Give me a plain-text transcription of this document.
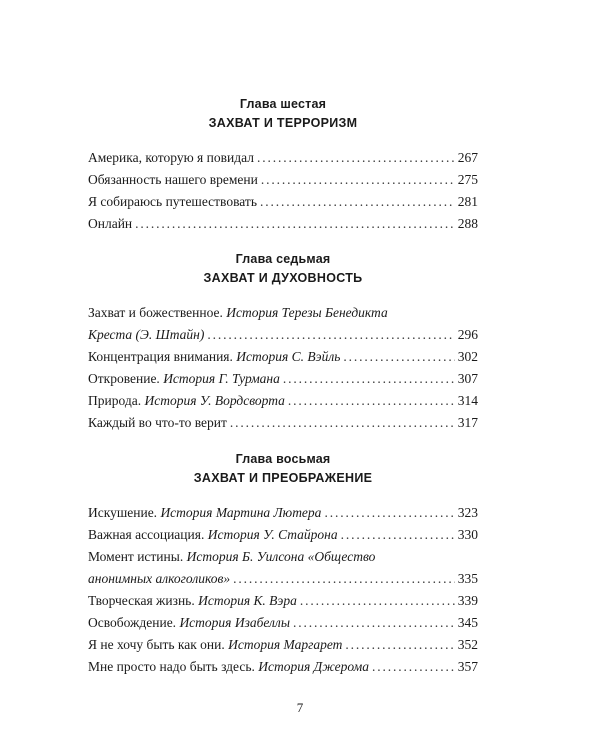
Глава шестая
ЗАХВАТ И ТЕРРОРИЗМ
Америка, которую я повидал . . .	267
Обязанность нашего времени . . .	275
Я собираюсь путешествовать . . .	281
Онлайн . . .	288
Глава седьмая
ЗАХВАТ И ДУХОВНОСТЬ
Захват и божественное. История Терезы Бенедикта
Креста (Э. Штайн) . . .	296
Концентрация внимания. История С. Вэйль . . .	302
Откровение. История Г. Турмана . . .	307
Природа. История У. Вордсворта . . .	314
Каждый во что-то верит . . .	317
Глава восьмая
ЗАХВАТ И ПРЕОБРАЖЕНИЕ
Искушение. История Мартина Лютера . . .	323
Важная ассоциация. История У. Стайрона . . .	330
Момент истины. История Б. Уилсона «Общество
анонимных алкоголиков» . . .	335
Творческая жизнь. История К. Вэра . . .	339
Освобождение. История Изабеллы . . .	345
Я не хочу быть как они. История Маргарет . . .	352
Мне просто надо быть здесь. История Джерома . . .	357
7
